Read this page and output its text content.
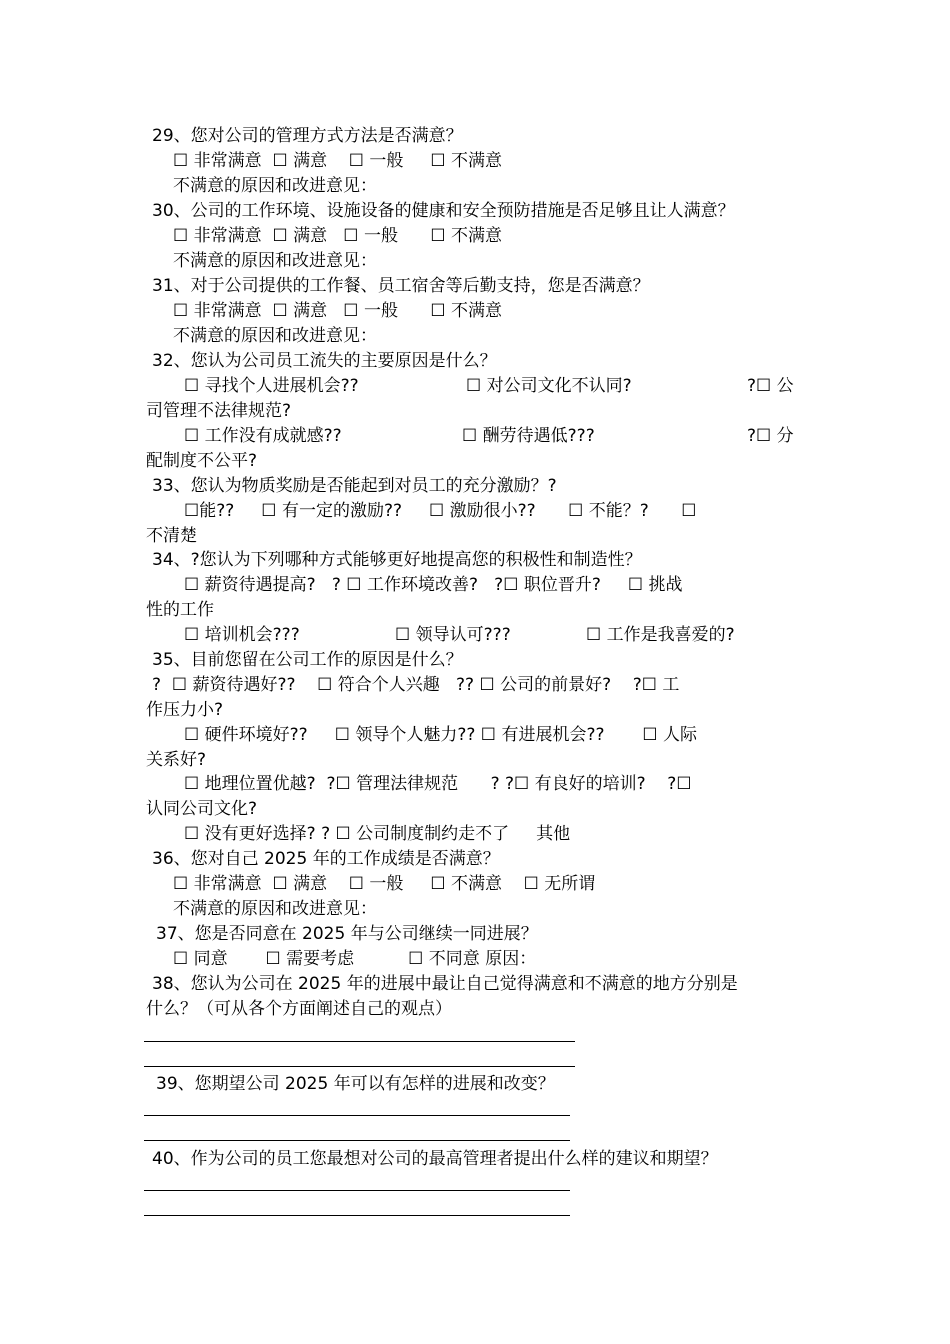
29、您对公司的管理方式方法是否满意？
☐ 非常满意  ☐ 满意    ☐ 一般     ☐ 不满意
不满意的原因和改进意见：
30、公司的工作环境、设施设备的健康和安全预防措施是否足够且让人满意？
☐ 非常满意  ☐ 满意   ☐ 一般      ☐ 不满意
不满意的原因和改进意见：
31、对于公司提供的工作餐、员工宿舍等后勤支持，您是否满意？
☐ 非常满意  ☐ 满意   ☐ 一般      ☐ 不满意
不满意的原因和改进意见：
32、您认为公司员工流失的主要原因是什么？
☐ 寻找个人进展机会??	☐ 对公司文化不认同?	?☐ 公
司管理不法律规范?
☐ 工作没有成就感??	☐ 酬劳待遇低???	?☐ 分
配制度不公平?
33、您认为物质奖励是否能起到对员工的充分激励？?
☐能??     ☐ 有一定的激励??     ☐ 激励很小??      ☐ 不能？?      ☐
不清楚
34、?您认为下列哪种方式能够更好地提高您的积极性和制造性？
☐ 薪资待遇提高?   ? ☐ 工作环境改善?   ?☐ 职位晋升?     ☐ 挑战
性的工作
☐ 培训机会???	☐ 领导认可???	☐ 工作是我喜爱的?
35、目前您留在公司工作的原因是什么？
?  ☐ 薪资待遇好??    ☐ 符合个人兴趣   ?? ☐ 公司的前景好?    ?☐ 工
作压力小?
☐ 硬件环境好??     ☐ 领导个人魅力?? ☐ 有进展机会??       ☐ 人际
关系好?
☐ 地理位置优越?  ?☐ 管理法律规范      ? ?☐ 有良好的培训?    ?☐
认同公司文化?
☐ 没有更好选择? ? ☐ 公司制度制约走不了     其他
36、您对自己 2025 年的工作成绩是否满意？
☐ 非常满意  ☐ 满意    ☐ 一般     ☐ 不满意    ☐ 无所谓
不满意的原因和改进意见：
37、您是否同意在 2025 年与公司继续一同进展？
☐ 同意       ☐ 需要考虑          ☐ 不同意 原因：
38、您认为公司在 2025 年的进展中最让自己觉得满意和不满意的地方分别是
什么？（可从各个方面阐述自己的观点）
39、您期望公司 2025 年可以有怎样的进展和改变？
40、作为公司的员工您最想对公司的最高管理者提出什么样的建议和期望？
